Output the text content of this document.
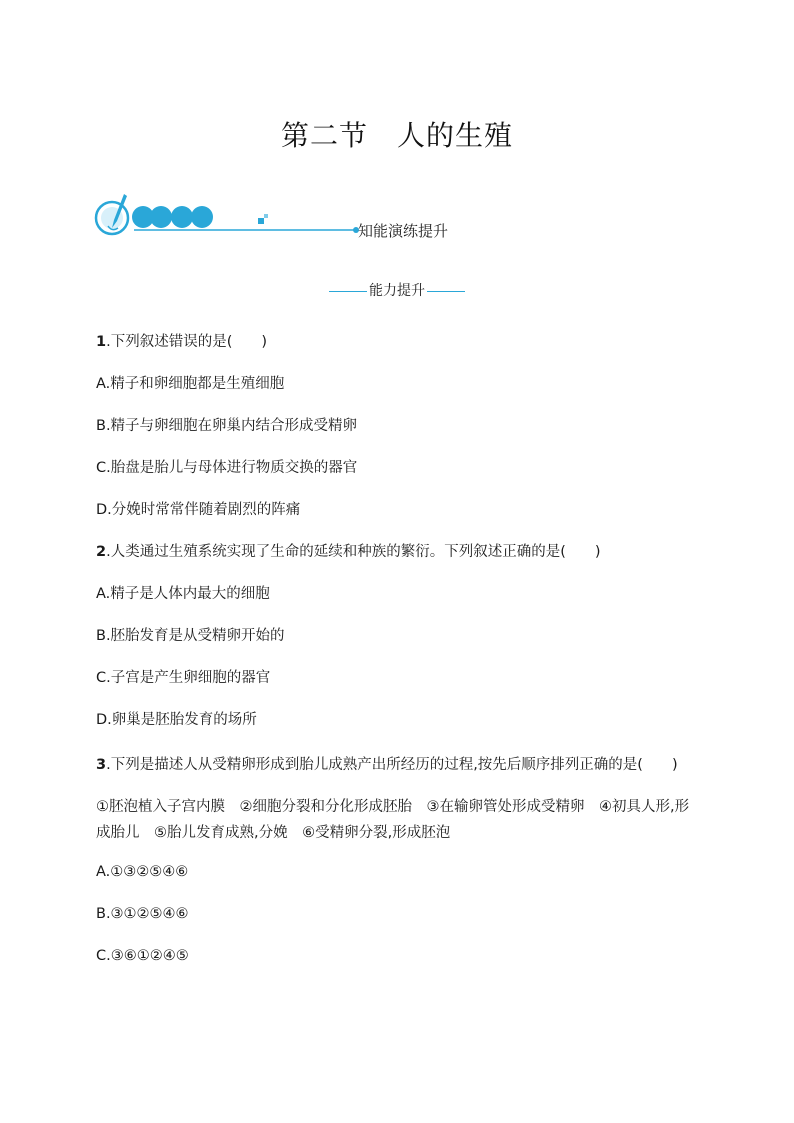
第二节　人的生殖
知能演练提升
能力提升
1.下列叙述错误的是(　　)
A.精子和卵细胞都是生殖细胞
B.精子与卵细胞在卵巢内结合形成受精卵
C.胎盘是胎儿与母体进行物质交换的器官
D.分娩时常常伴随着剧烈的阵痛
2.人类通过生殖系统实现了生命的延续和种族的繁衍。下列叙述正确的是(　　)
A.精子是人体内最大的细胞
B.胚胎发育是从受精卵开始的
C.子宫是产生卵细胞的器官
D.卵巢是胚胎发育的场所
3.下列是描述人从受精卵形成到胎儿成熟产出所经历的过程,按先后顺序排列正确的是(　　)
①胚泡植入子宫内膜　②细胞分裂和分化形成胚胎　③在输卵管处形成受精卵　④初具人形,形成胎儿　⑤胎儿发育成熟,分娩　⑥受精卵分裂,形成胚泡
A.①③②⑤④⑥
B.③①②⑤④⑥
C.③⑥①②④⑤
